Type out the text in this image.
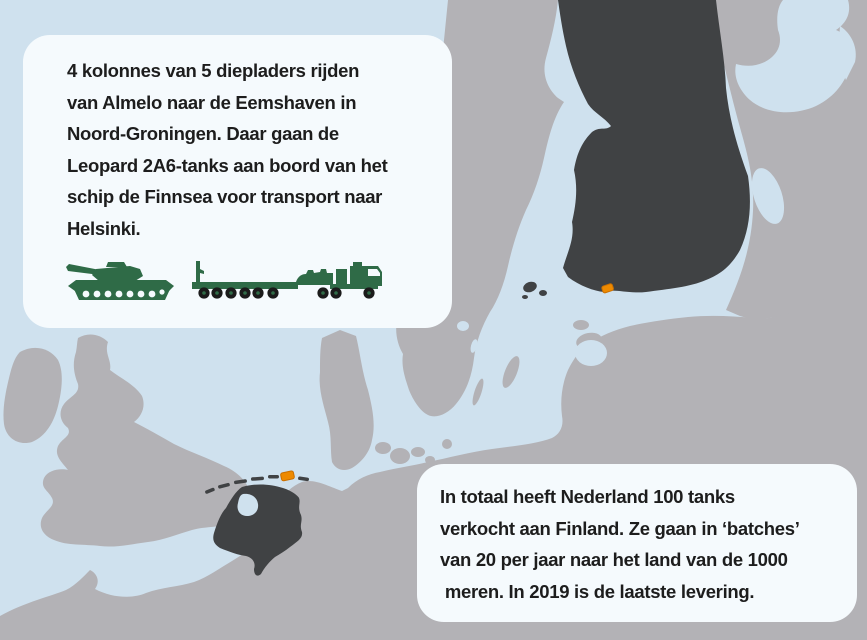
4 kolonnes van 5 diepladers rijden
van Almelo naar de Eemshaven in
Noord-Groningen. Daar gaan de
Leopard 2A6-tanks aan boord van het
schip de Finnsea voor transport naar
Helsinki.
In totaal heeft Nederland 100 tanks
verkocht aan Finland. Ze gaan in ‘batches’
van 20 per jaar naar het land van de 1000
meren. In 2019 is de laatste levering.
